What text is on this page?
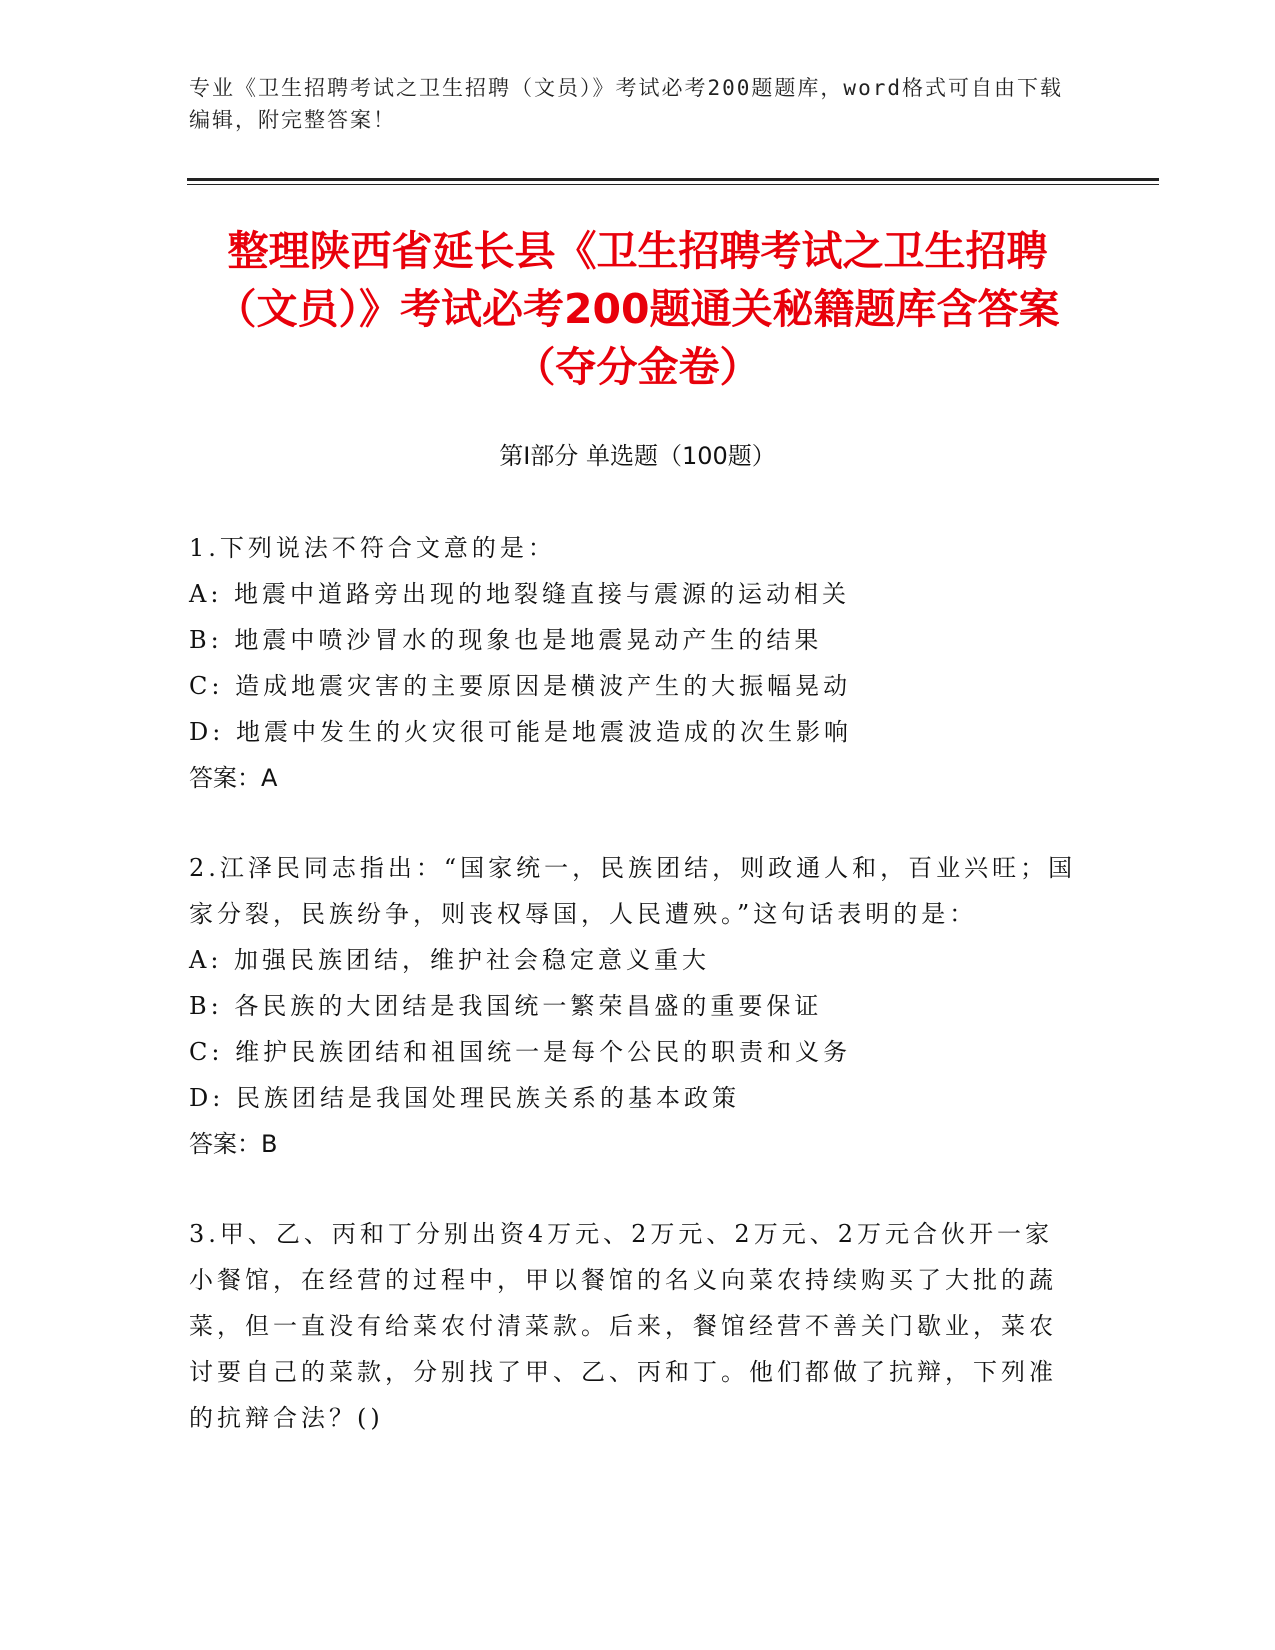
专业《卫生招聘考试之卫生招聘（文员）》考试必考200题题库，word格式可自由下载编辑，附完整答案！
整理陕西省延长县《卫生招聘考试之卫生招聘（文员）》考试必考200题通关秘籍题库含答案（夺分金卷）
第I部分 单选题（100题）

1.下列说法不符合文意的是：

A: 地震中道路旁出现的地裂缝直接与震源的运动相关

B: 地震中喷沙冒水的现象也是地震晃动产生的结果

C: 造成地震灾害的主要原因是横波产生的大振幅晃动

D: 地震中发生的火灾很可能是地震波造成的次生影响

答案：A

2.江泽民同志指出：“国家统一，民族团结，则政通人和，百业兴旺；国家分裂，民族纷争，则丧权辱国，人民遭殃。”这句话表明的是：

A: 加强民族团结，维护社会稳定意义重大

B: 各民族的大团结是我国统一繁荣昌盛的重要保证

C: 维护民族团结和祖国统一是每个公民的职责和义务

D: 民族团结是我国处理民族关系的基本政策

答案：B

3.甲、乙、丙和丁分别出资4万元、2万元、2万元、2万元合伙开一家小餐馆，在经营的过程中，甲以餐馆的名义向菜农持续购买了大批的蔬菜，但一直没有给菜农付清菜款。后来，餐馆经营不善关门歇业，菜农讨要自己的菜款，分别找了甲、乙、丙和丁。他们都做了抗辩，下列准的抗辩合法？()
